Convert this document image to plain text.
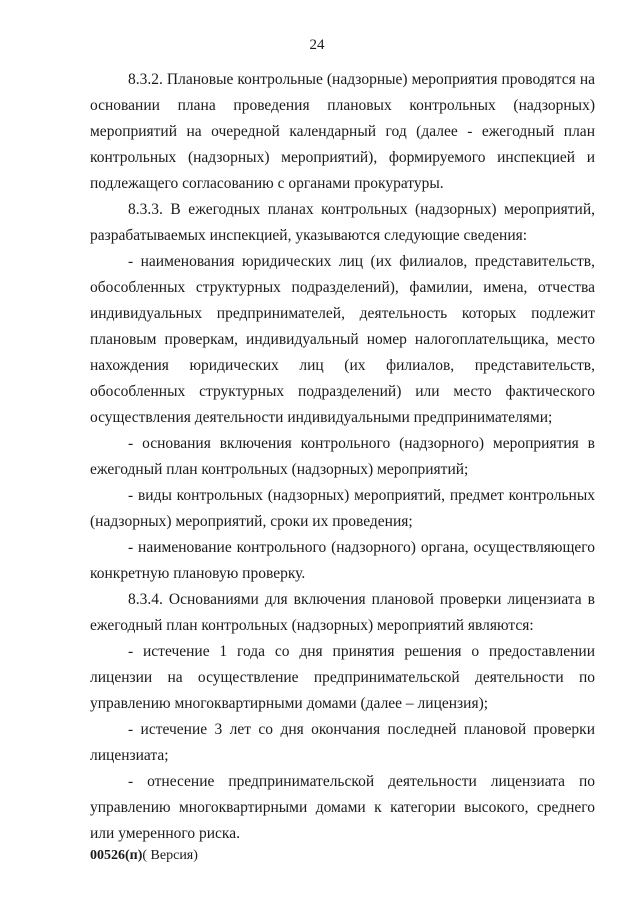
24

8.3.2. Плановые контрольные (надзорные) мероприятия проводятся на основании плана проведения плановых контрольных (надзорных) мероприятий на очередной календарный год (далее - ежегодный план контрольных (надзорных) мероприятий), формируемого инспекцией и подлежащего согласованию с органами прокуратуры.

8.3.3. В ежегодных планах контрольных (надзорных) мероприятий, разрабатываемых инспекцией, указываются следующие сведения:

- наименования юридических лиц (их филиалов, представительств, обособленных структурных подразделений), фамилии, имена, отчества индивидуальных предпринимателей, деятельность которых подлежит плановым проверкам, индивидуальный номер налогоплательщика, место нахождения юридических лиц (их филиалов, представительств, обособленных структурных подразделений) или место фактического осуществления деятельности индивидуальными предпринимателями;

- основания включения контрольного (надзорного) мероприятия в ежегодный план контрольных (надзорных) мероприятий;

- виды контрольных (надзорных) мероприятий, предмет контрольных (надзорных) мероприятий, сроки их проведения;

- наименование контрольного (надзорного) органа, осуществляющего конкретную плановую проверку.

8.3.4. Основаниями для включения плановой проверки лицензиата в ежегодный план контрольных (надзорных) мероприятий являются:

- истечение 1 года со дня принятия решения о предоставлении лицензии на осуществление предпринимательской деятельности по управлению многоквартирными домами (далее – лицензия);

- истечение 3 лет со дня окончания последней плановой проверки лицензиата;

- отнесение предпринимательской деятельности лицензиата по управлению многоквартирными домами к категории высокого, среднего или умеренного риска.

00526(п)( Версия)
